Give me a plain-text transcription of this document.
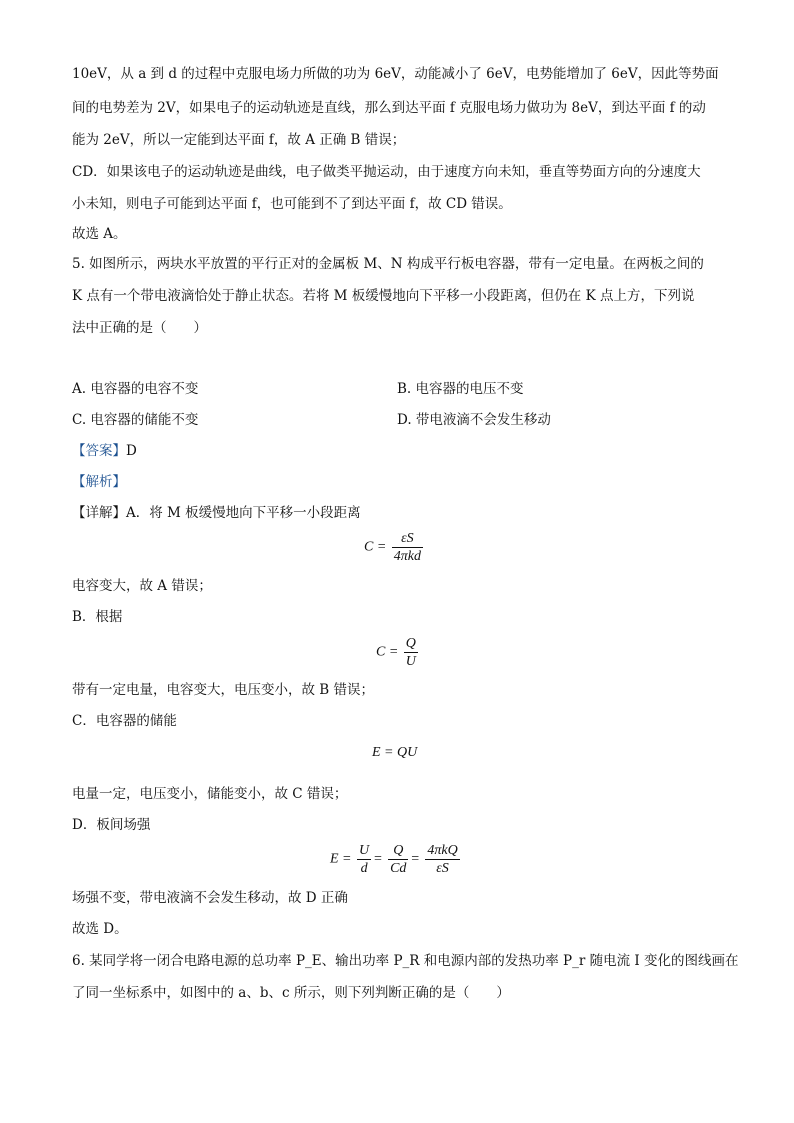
10eV，从 a 到 d 的过程中克服电场力所做的功为 6eV，动能减小了 6eV，电势能增加了 6eV，因此等势面
间的电势差为 2V，如果电子的运动轨迹是直线，那么到达平面 f 克服电场力做功为 8eV，到达平面 f 的动
能为 2eV，所以一定能到达平面 f，故 A 正确 B 错误；
CD．如果该电子的运动轨迹是曲线，电子做类平抛运动，由于速度方向未知，垂直等势面方向的分速度大
小未知，则电子可能到达平面 f，也可能到不了到达平面 f，故 CD 错误。
故选 A。
5. 如图所示，两块水平放置的平行正对的金属板 M、N 构成平行板电容器，带有一定电量。在两板之间的
K 点有一个带电液滴恰处于静止状态。若将 M 板缓慢地向下平移一小段距离，但仍在 K 点上方，下列说
法中正确的是（　　）
A. 电容器的电容不变	B. 电容器的电压不变
C. 电容器的储能不变	D. 带电液滴不会发生移动
【答案】D
【解析】
【详解】A．将 M 板缓慢地向下平移一小段距离
$C = \frac{\varepsilon S}{\text{4πkd}}$
电容变大，故 A 错误；
B．根据
$C = \frac{Q}{U}$
带有一定电量，电容变大，电压变小，故 B 错误；
C．电容器的储能
E = QU
电量一定，电压变小，储能变小，故 C 错误；
D．板间场强
$E = \frac{U}{d} = \frac{Q}{Cd} = \frac{\text{4πkQ}}{\varepsilon S}$
场强不变，带电液滴不会发生移动，故 D 正确
故选 D。
6. 某同学将一闭合电路电源的总功率 P_E、输出功率 P_R 和电源内部的发热功率 P_r 随电流 I 变化的图线画在
了同一坐标系中，如图中的 a、b、c 所示，则下列判断正确的是（　　）
